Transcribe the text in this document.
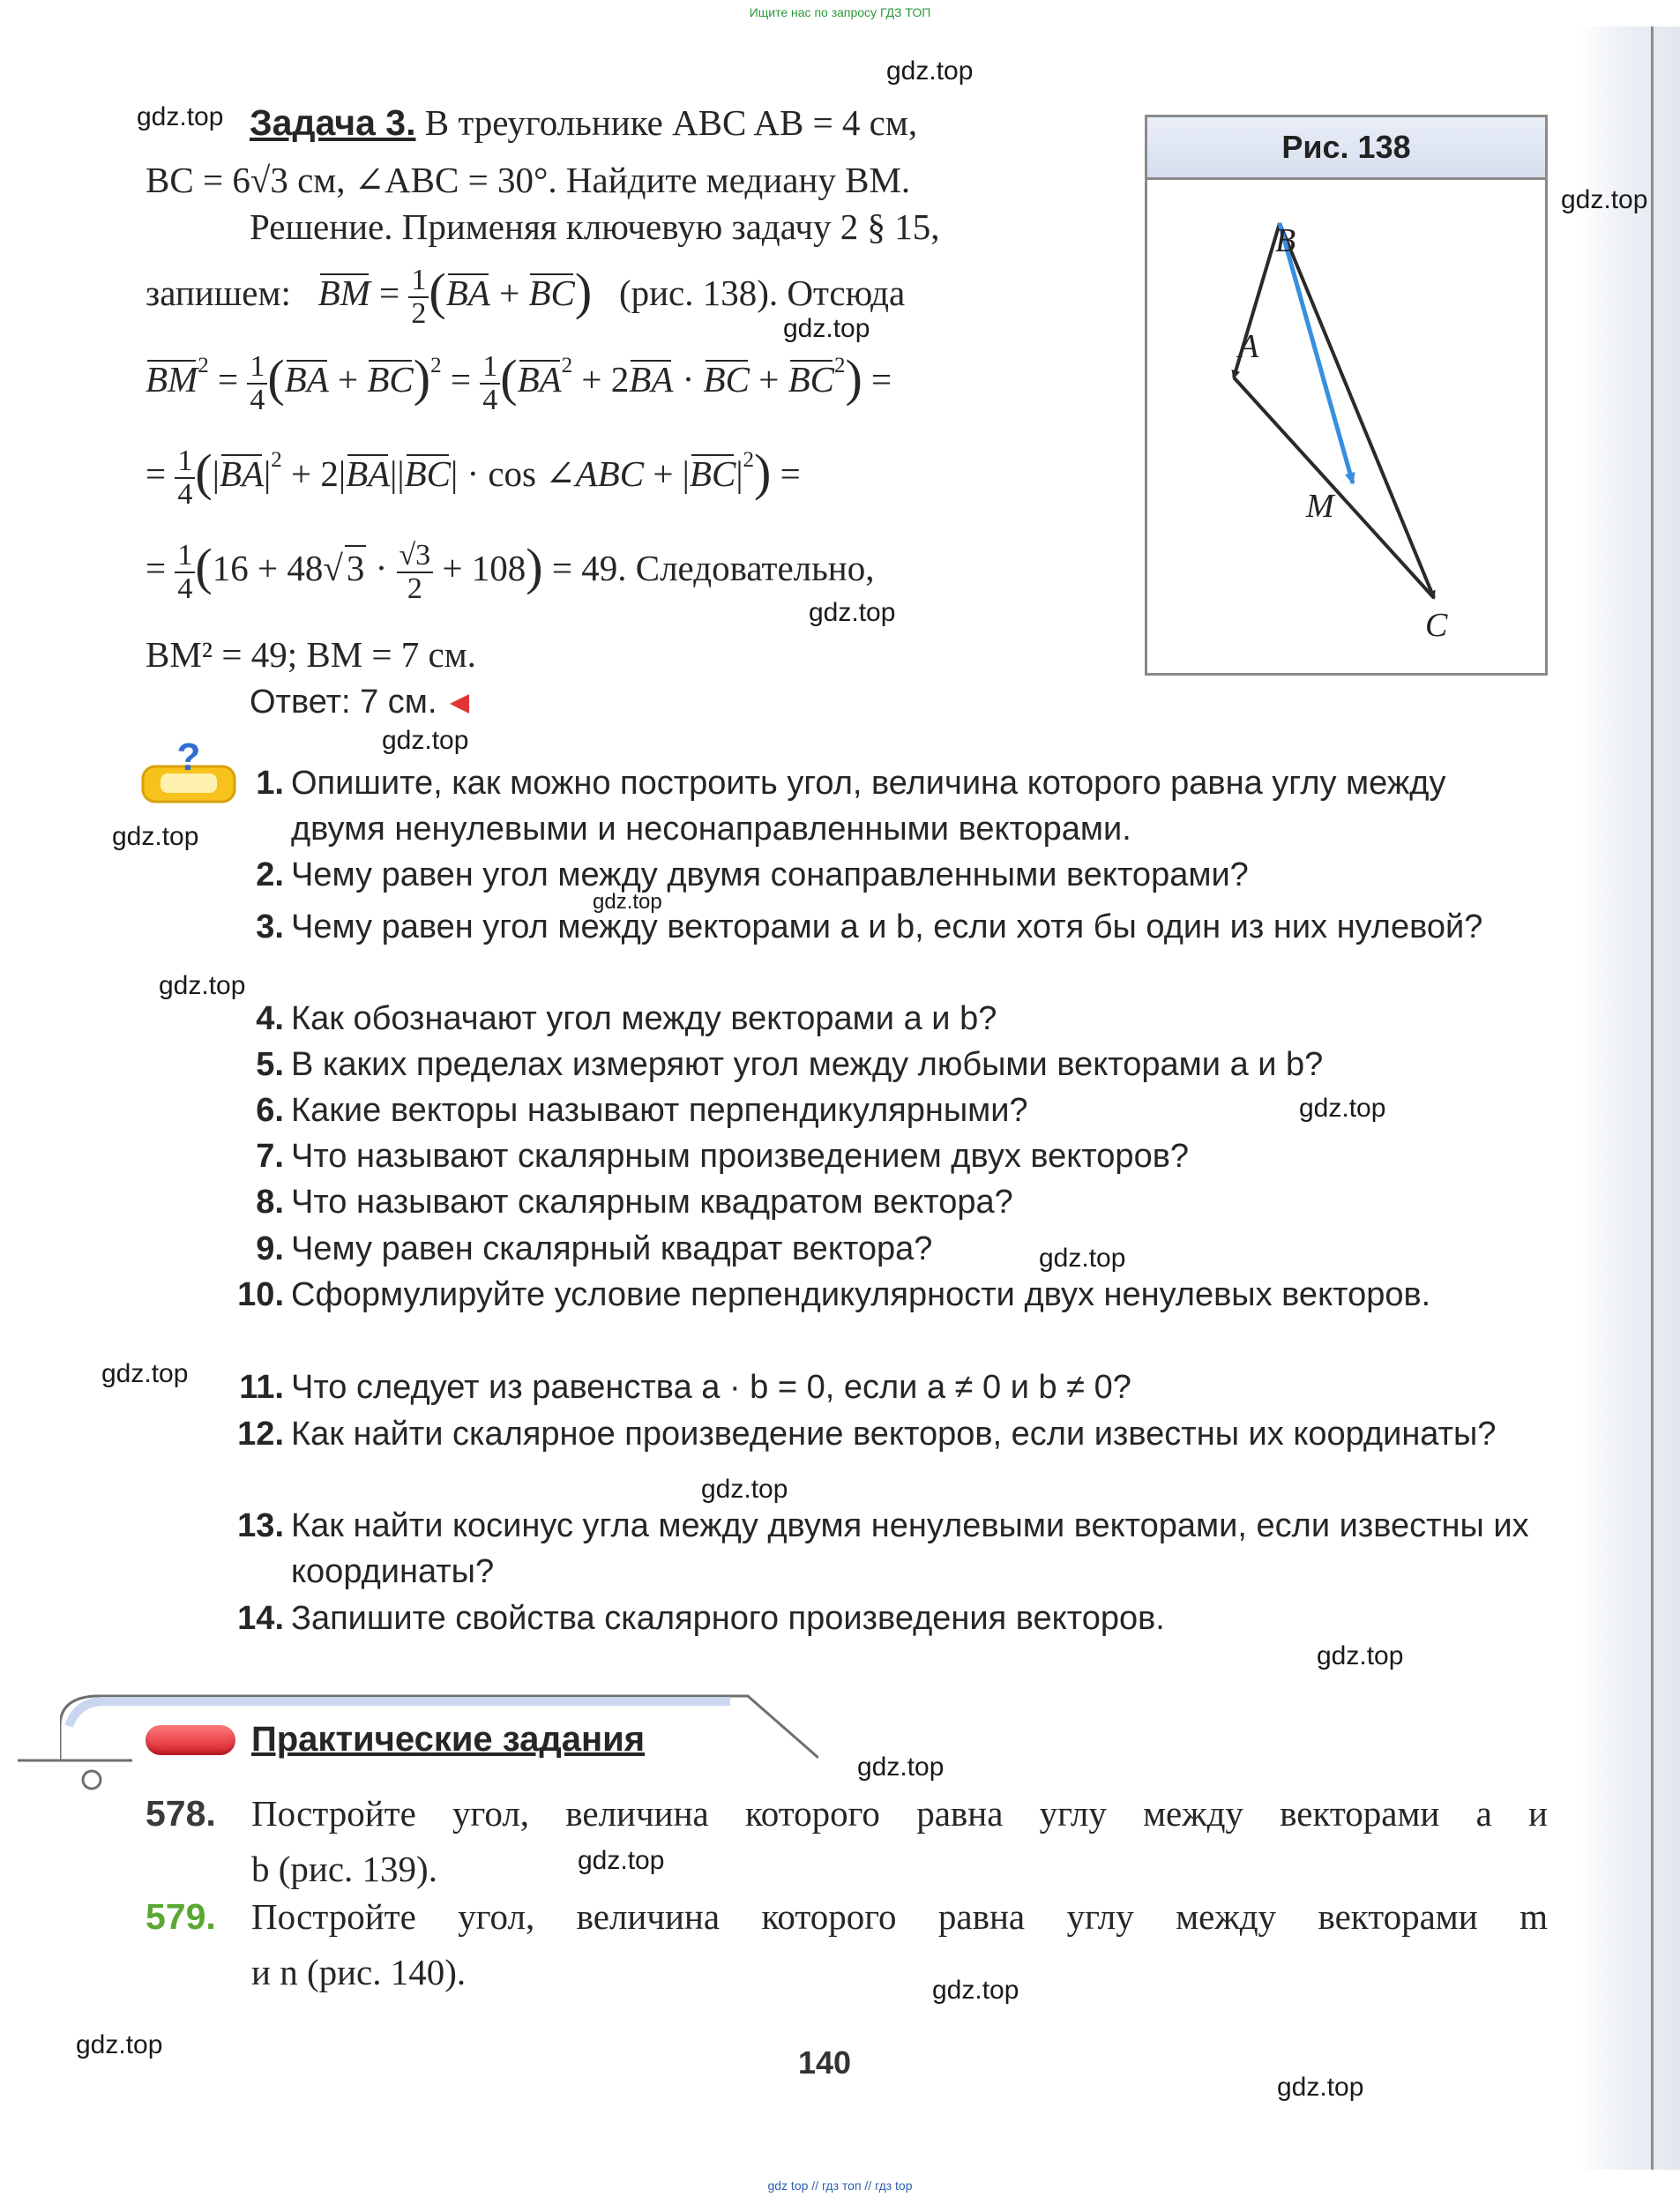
Ищите нас по запросу ГДЗ ТОП
gdz.top
gdz.top
gdz.top
gdz.top
gdz.top
gdz.top
gdz.top
gdz.top
gdz.top
gdz.top
gdz.top
gdz.top
gdz.top
gdz.top
gdz.top
gdz.top
gdz.top
gdz.top
gdz.top
Задача 3. В треугольнике ABC AB = 4 см,
BC = 6√3 см, ∠ABC = 30°. Найдите медиану BM.
Решение. Применяя ключевую задачу 2 § 15,
запишем: BM = $\frac{1}{2} (BA + BC)$ (рис. 138). Отсюда
$BM^2 = \frac{1}{4} (BA + BC)^2 = \frac{1}{4} (BA^2 + 2BA$ · BC + $BC^2$) =
= $\frac{1}{4} (|BA|^2 + 2|BA||BC| \cdot \cos$ ∠ABC + $|BC|^2$) =
= $\frac{1}{4} (16 + 48√3 \cdot \frac{√3}{2} + 108) = 49$. Следовательно,
BM² = 49; BM = 7 см.
Ответ: 7 см.
Рис. 138
B
A
M
C
?
1. Опишите, как можно построить угол, величина которого равна углу между двумя ненулевыми и несонаправленными векторами.
2. Чему равен угол между двумя сонаправленными векторами?
3. Чему равен угол между векторами a и b, если хотя бы один из них нулевой?
4. Как обозначают угол между векторами a и b?
5. В каких пределах измеряют угол между любыми векторами a и b?
6. Какие векторы называют перпендикулярными?
7. Что называют скалярным произведением двух векторов?
8. Что называют скалярным квадратом вектора?
9. Чему равен скалярный квадрат вектора?
10. Сформулируйте условие перпендикулярности двух ненулевых векторов.
11. Что следует из равенства a · b = 0, если a ≠ 0 и b ≠ 0?
12. Как найти скалярное произведение векторов, если известны их координаты?
13. Как найти косинус угла между двумя ненулевыми векторами, если известны их координаты?
14. Запишите свойства скалярного произведения векторов.
Практические задания
578. Постройте угол, величина которого равна углу между векторами a и
b (рис. 139).
579. Постройте угол, величина которого равна углу между векторами m
и n (рис. 140).
140
gdz top // гдз топ // гдз top
